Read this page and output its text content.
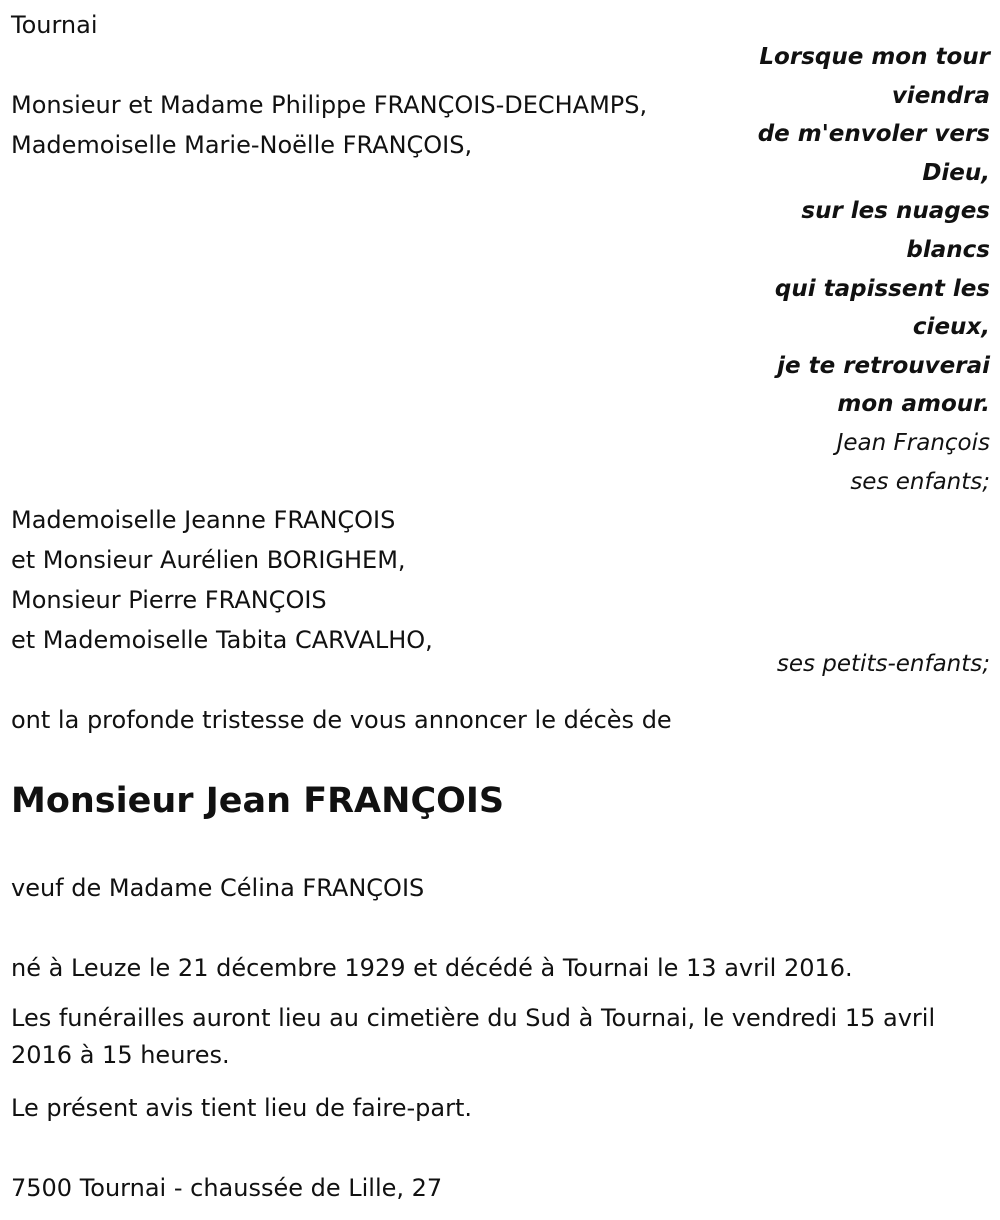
Tournai
Monsieur et Madame Philippe FRANÇOIS-DECHAMPS,
Mademoiselle Marie-Noëlle FRANÇOIS,
Lorsque mon tour
viendra
de m'envoler vers
Dieu,
sur les nuages
blancs
qui tapissent les
cieux,
je te retrouverai
mon amour.
Jean François
ses enfants;
Mademoiselle Jeanne FRANÇOIS
et Monsieur Aurélien BORIGHEM,
Monsieur Pierre FRANÇOIS
et Mademoiselle Tabita CARVALHO,
ses petits-enfants;
ont la profonde tristesse de vous annoncer le décès de
Monsieur Jean FRANÇOIS
veuf de Madame Célina FRANÇOIS
né à Leuze le 21 décembre 1929 et décédé à Tournai le 13 avril 2016.
Les funérailles auront lieu au cimetière du Sud à Tournai, le vendredi 15 avril 2016 à 15 heures.
Le présent avis tient lieu de faire-part.
7500 Tournai - chaussée de Lille, 27
